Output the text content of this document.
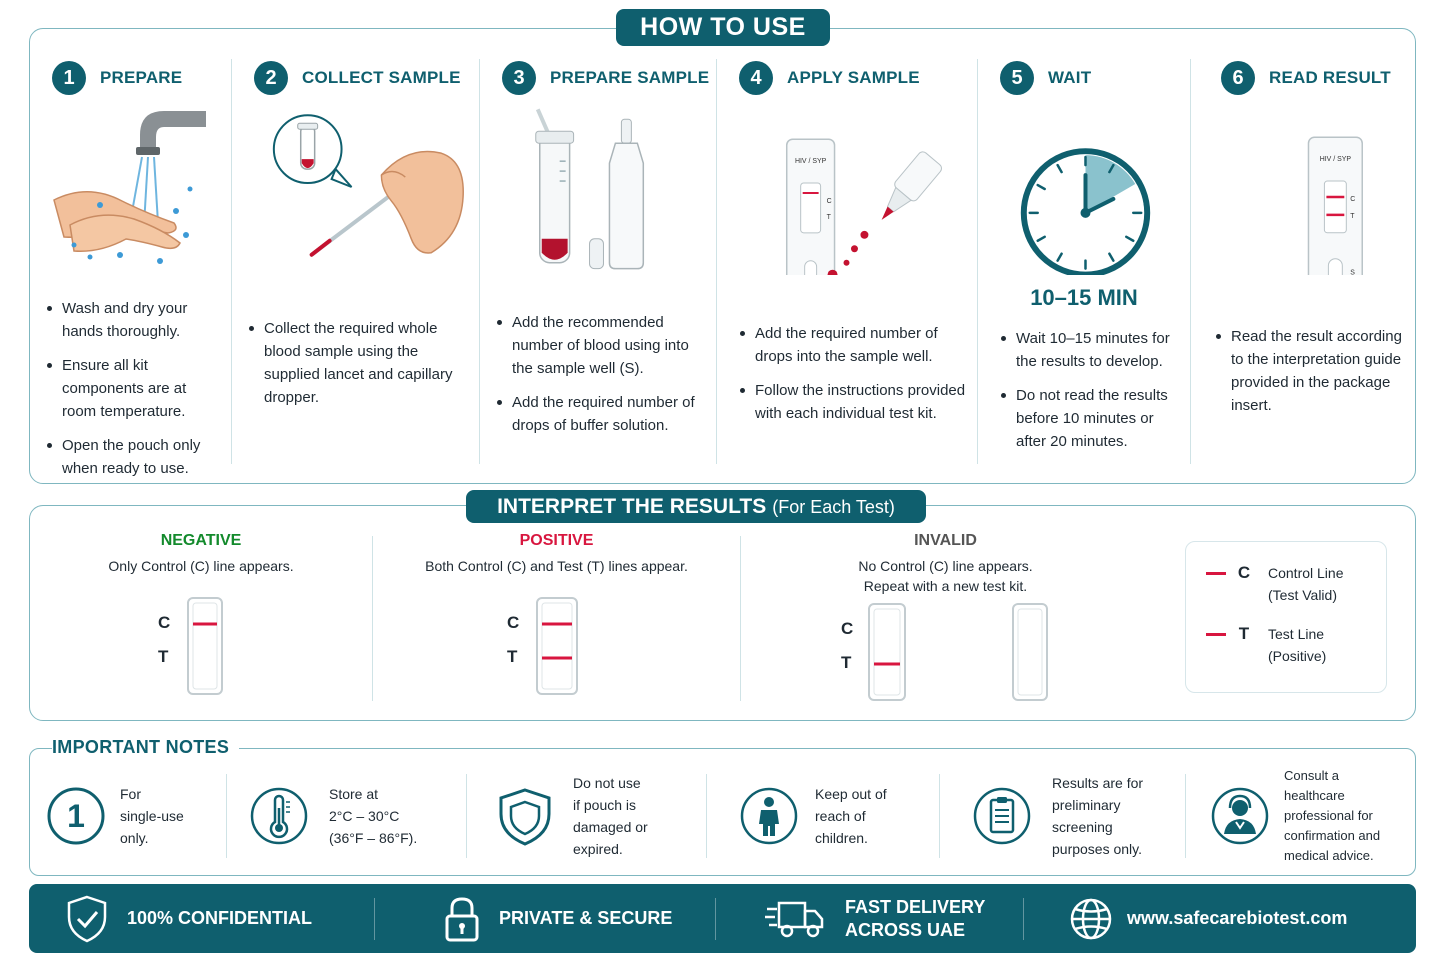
HOW TO USE
1	PREPARE
Wash and dry your hands thoroughly.
Ensure all kit components are at room temperature.
Open the pouch only when ready to use.
2	COLLECT SAMPLE
Collect the required whole blood sample using the supplied lancet and capillary dropper.
3	PREPARE SAMPLE
Add the recommended number of blood using into the sample well (S).
Add the required number of drops of buffer solution.
4	APPLY SAMPLE
HIV / SYP
C
T
Add the required number of drops into the sample well.
Follow the instructions provided with each individual test kit.
5	WAIT
10–15 MIN
Wait 10–15 minutes for the results to develop.
Do not read the results before 10 minutes or after 20 minutes.
6	READ RESULT
HIV / SYP
C
T
S
Read the result according to the interpretation guide provided in the package insert.
INTERPRET THE RESULTS (For Each Test)
NEGATIVE
Only Control (C) line appears.
C
T
POSITIVE
Both Control (C) and Test (T) lines appear.
C
T
INVALID
No Control (C) line appears.
Repeat with a new test kit.
C
T
C Control Line
(Test Valid)
T Test Line
(Positive)
IMPORTANT NOTES
1
For
single-use
only.
Store at
2°C – 30°C
(36°F – 86°F).
Do not use
if pouch is
damaged or
expired.
Keep out of
reach of
children.
Results are for
preliminary
screening
purposes only.
Consult a
healthcare
professional for
confirmation and
medical advice.
100% CONFIDENTIAL	PRIVATE & SECURE
FAST DELIVERY
ACROSS UAE
www.safecarebiotest.com
